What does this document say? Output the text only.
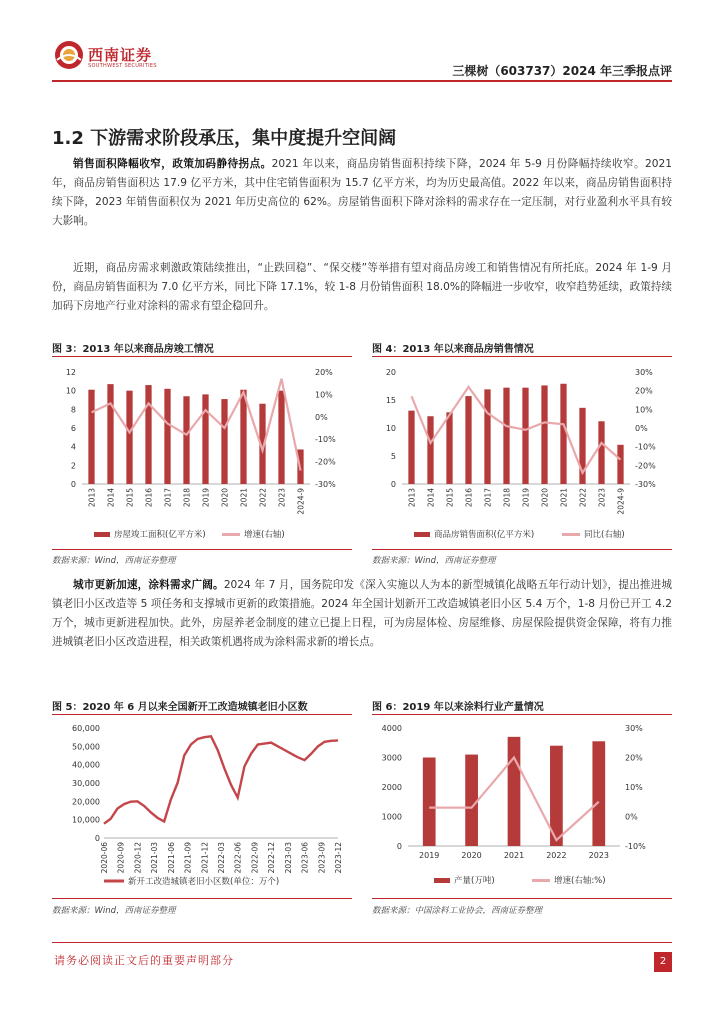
西南证券
SOUTHWEST SECURITIES	三棵树（603737）2024 年三季报点评
1.2 下游需求阶段承压，集中度提升空间阔
销售面积降幅收窄，政策加码静待拐点。2021 年以来，商品房销售面积持续下降，2024 年 5-9 月份降幅持续收窄。2021 年，商品房销售面积达 17.9 亿平方米，其中住宅销售面积为 15.7 亿平方米，均为历史最高值。2022 年以来，商品房销售面积持续下降，2023 年销售面积仅为 2021 年历史高位的 62%。房屋销售面积下降对涂料的需求存在一定压制，对行业盈利水平具有较大影响。
近期，商品房需求刺激政策陆续推出，“止跌回稳”、“保交楼”等举措有望对商品房竣工和销售情况有所托底。2024 年 1-9 月份，商品房销售面积为 7.0 亿平方米，同比下降 17.1%，较 1-8 月份销售面积 18.0%的降幅进一步收窄，收窄趋势延续，政策持续加码下房地产行业对涂料的需求有望企稳回升。
图 3：2013 年以来商品房竣工情况
0
2
4
6
8
10
12
-30%
-20%
-10%
0%
10%
20%
2013 2014 2015 2016 2017 2018 2019 2020 2021 2022 2023 2024-9
房屋竣工面积(亿平方米)	增速(右轴)
数据来源：Wind，西南证券整理
图 4：2013 年以来商品房销售情况
0
5
10
15
20
-30%
-20%
-10%
0%
10%
20%
30%
2013 2014 2015 2016 2017 2018 2019 2020 2021 2022 2023 2024-9
商品房销售面积(亿平方米)	同比(右轴)
数据来源：Wind，西南证券整理
城市更新加速，涂料需求广阔。2024 年 7 月，国务院印发《深入实施以人为本的新型城镇化战略五年行动计划》，提出推进城镇老旧小区改造等 5 项任务和支撑城市更新的政策措施。2024 年全国计划新开工改造城镇老旧小区 5.4 万个，1-8 月份已开工 4.2 万个，城市更新进程加快。此外，房屋养老金制度的建立已提上日程，可为房屋体检、房屋维修、房屋保险提供资金保障，将有力推进城镇老旧小区改造进程，相关政策机遇将成为涂料需求新的增长点。
图 5：2020 年 6 月以来全国新开工改造城镇老旧小区数
0
10,000
20,000
30,000
40,000
50,000
60,000
2020-06 2020-09 2020-12 2021-03 2021-06 2021-09 2021-12 2022-03 2022-06 2022-09 2022-12 2023-03 2023-06 2023-09 2023-12
新开工改造城镇老旧小区数(单位：万个)
数据来源：Wind，西南证券整理
图 6：2019 年以来涂料行业产量情况
0
1000
2000
3000
4000
-10%
0%
10%
20%
30%
2019	2020	2021	2022	2023
产量(万吨)	增速(右轴:%)
数据来源：中国涂料工业协会，西南证券整理
请务必阅读正文后的重要声明部分	2
